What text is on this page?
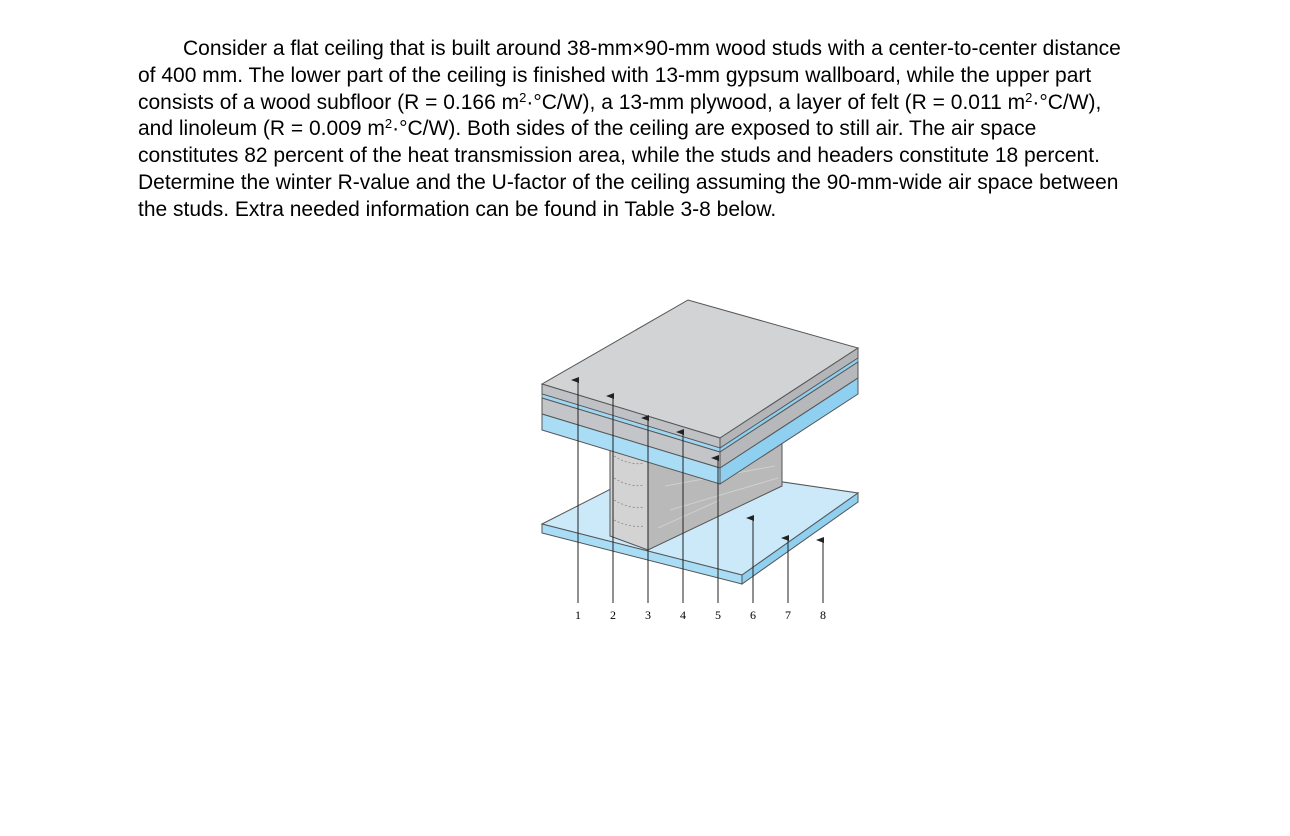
Consider a flat ceiling that is built around 38-mm×90-mm wood studs with a center-to-center distance
of 400 mm. The lower part of the ceiling is finished with 13-mm gypsum wallboard, while the upper part
consists of a wood subfloor (R = 0.166 $m^2\cdot^\circ C/W$), a 13-mm plywood, a layer of felt (R = 0.011 $m^2\cdot^\circ C/W$),
and linoleum (R = 0.009 $m^2\cdot^\circ C/W$). Both sides of the ceiling are exposed to still air. The air space
constitutes 82 percent of the heat transmission area, while the studs and headers constitute 18 percent.
Determine the winter R-value and the U-factor of the ceiling assuming the 90-mm-wide air space between
the studs. Extra needed information can be found in Table 3-8 below.
1 2 3 4 5 6 7 8
